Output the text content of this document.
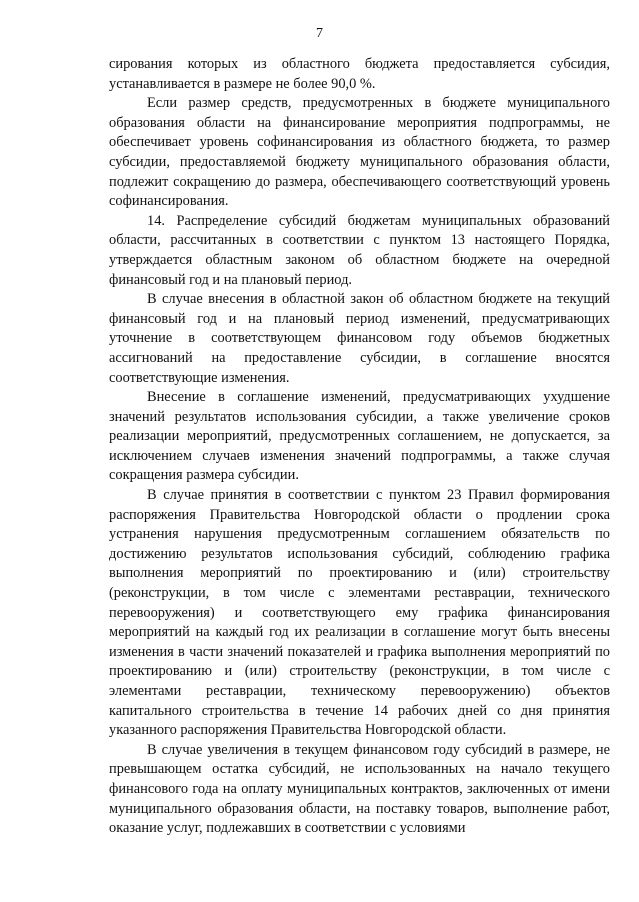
7

сирования которых из областного бюджета предоставляется субсидия, устанавливается в размере не более 90,0 %.

Если размер средств, предусмотренных в бюджете муниципального образования области на финансирование мероприятия подпрограммы, не обеспечивает уровень софинансирования из областного бюджета, то размер субсидии, предоставляемой бюджету муниципального образования области, подлежит сокращению до размера, обеспечивающего соответствующий уровень софинансирования.

14. Распределение субсидий бюджетам муниципальных образований области, рассчитанных в соответствии с пунктом 13 настоящего Порядка, утверждается областным законом об областном бюджете на очередной финансовый год и на плановый период.

В случае внесения в областной закон об областном бюджете на текущий финансовый год и на плановый период изменений, предусматривающих уточнение в соответствующем финансовом году объемов бюджетных ассигнований на предоставление субсидии, в соглашение вносятся соответствующие изменения.

Внесение в соглашение изменений, предусматривающих ухудшение значений результатов использования субсидии, а также увеличение сроков реализации мероприятий, предусмотренных соглашением, не допускается, за исключением случаев изменения значений подпрограммы, а также случая сокращения размера субсидии.

В случае принятия в соответствии с пунктом 23 Правил формирования распоряжения Правительства Новгородской области о продлении срока устранения нарушения предусмотренным соглашением обязательств по достижению результатов использования субсидий, соблюдению графика выполнения мероприятий по проектированию и (или) строительству (реконструкции, в том числе с элементами реставрации, технического перевооружения) и соответствующего ему графика финансирования мероприятий на каждый год их реализации в соглашение могут быть внесены изменения в части значений показателей и графика выполнения мероприятий по проектированию и (или) строительству (реконструкции, в том числе с элементами реставрации, техническому перевооружению) объектов капитального строительства в течение 14 рабочих дней со дня принятия указанного распоряжения Правительства Новгородской области.

В случае увеличения в текущем финансовом году субсидий в размере, не превышающем остатка субсидий, не использованных на начало текущего финансового года на оплату муниципальных контрактов, заключенных от имени муниципального образования области, на поставку товаров, выполнение работ, оказание услуг, подлежавших в соответствии с условиями
